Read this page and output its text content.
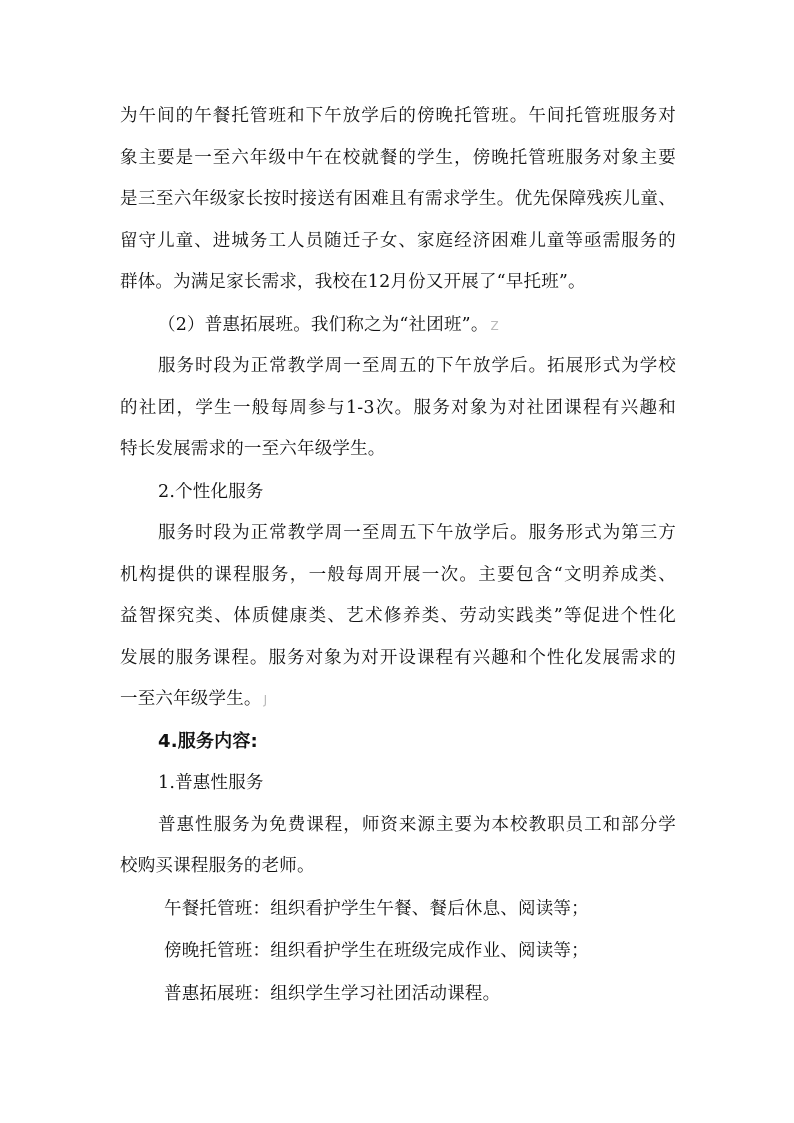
为午间的午餐托管班和下午放学后的傍晚托管班。午间托管班服务对
象主要是一至六年级中午在校就餐的学生，傍晚托管班服务对象主要
是三至六年级家长按时接送有困难且有需求学生。优先保障残疾儿童、
留守儿童、进城务工人员随迁子女、家庭经济困难儿童等亟需服务的
群体。为满足家长需求，我校在12月份又开展了“早托班”。
（2）普惠拓展班。我们称之为“社团班”。 Z
服务时段为正常教学周一至周五的下午放学后。拓展形式为学校
的社团，学生一般每周参与1-3次。服务对象为对社团课程有兴趣和
特长发展需求的一至六年级学生。
2.个性化服务
服务时段为正常教学周一至周五下午放学后。服务形式为第三方
机构提供的课程服务，一般每周开展一次。主要包含“文明养成类、
益智探究类、体质健康类、艺术修养类、劳动实践类”等促进个性化
发展的服务课程。服务对象为对开设课程有兴趣和个性化发展需求的
一至六年级学生。 J
4.服务内容:
1.普惠性服务
普惠性服务为免费课程，师资来源主要为本校教职员工和部分学
校购买课程服务的老师。
午餐托管班：组织看护学生午餐、餐后休息、阅读等；
傍晚托管班：组织看护学生在班级完成作业、阅读等；
普惠拓展班：组织学生学习社团活动课程。
